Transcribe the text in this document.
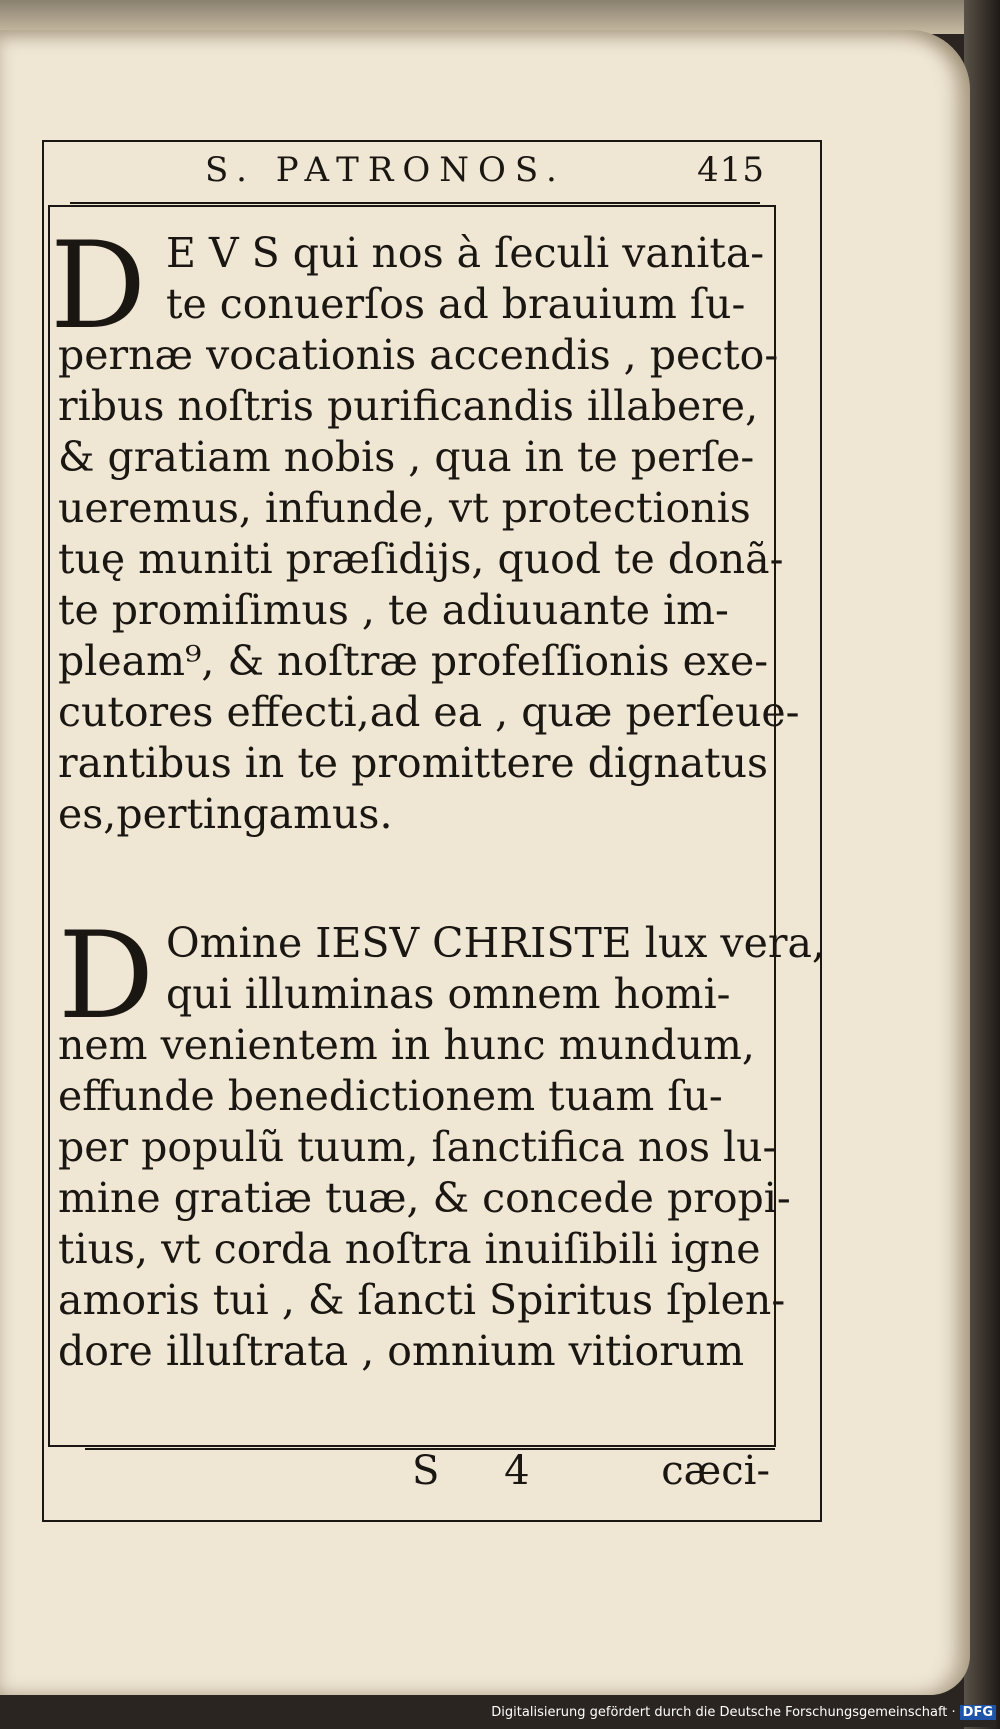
S. PATRONOS.	415
D E V S qui nos à ſeculi vanita-

te conuerſos ad brauium ſu-

pernæ vocationis accendis , pecto-

ribus noſtris purificandis illabere,

& gratiam nobis , qua in te perſe-

ueremus, infunde, vt protectionis

tuę muniti præſidijs, quod te donã-

te promiſimus , te adiuuante im-

pleam⁹, & noſtræ profeſſionis exe-

cutores effecti,ad ea , quæ perſeue-

rantibus in te promittere dignatus

es,pertingamus.

D Omine IESV CHRISTE lux vera,

qui illuminas omnem homi-

nem venientem in hunc mundum,

effunde benedictionem tuam ſu-

per populũ tuum, ſanctifica nos lu-

mine gratiæ tuæ, & concede propi-

tius, vt corda noſtra inuiſibili igne

amoris tui , & ſancti Spiritus ſplen-

dore illuſtrata , omnium vitiorum

S 4	cæci-
Digitalisierung gefördert durch die Deutsche Forschungsgemeinschaft · DFG
